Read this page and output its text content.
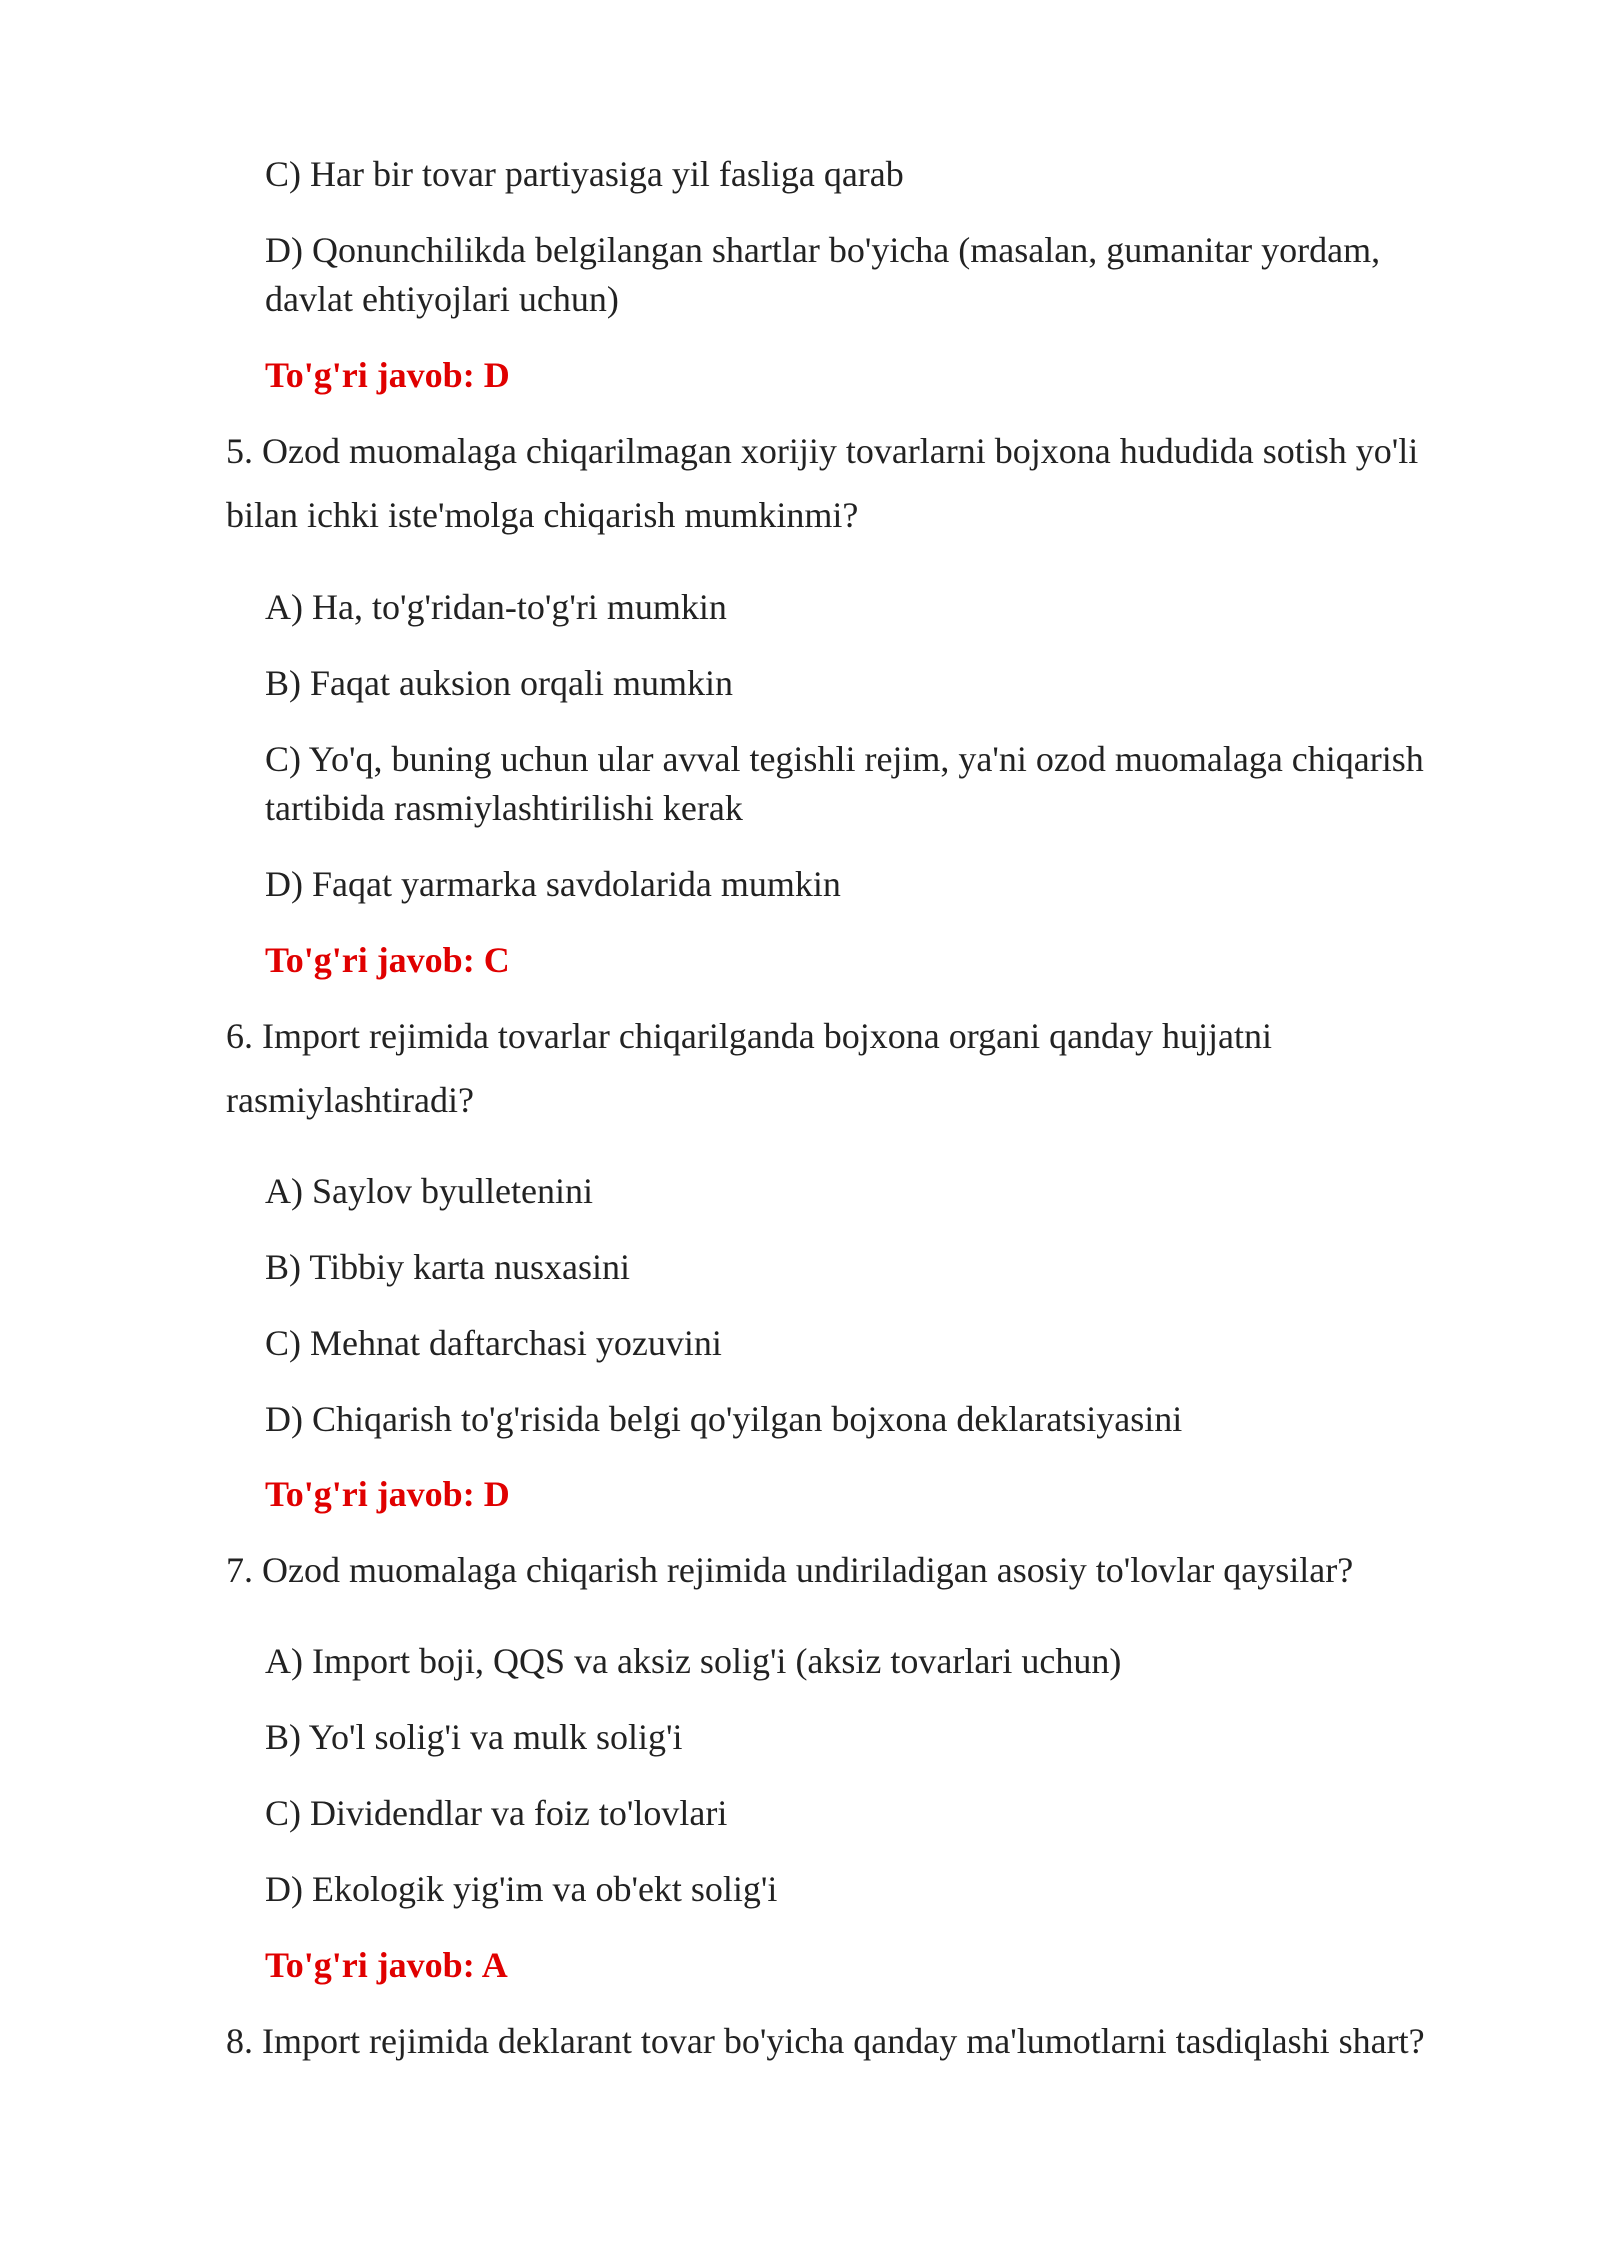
C) Har bir tovar partiyasiga yil fasliga qarab
D) Qonunchilikda belgilangan shartlar bo'yicha (masalan, gumanitar yordam,
davlat ehtiyojlari uchun)
To'g'ri javob: D
5. Ozod muomalaga chiqarilmagan xorijiy tovarlarni bojxona hududida sotish yo'li
bilan ichki iste'molga chiqarish mumkinmi?
A) Ha, to'g'ridan-to'g'ri mumkin
B) Faqat auksion orqali mumkin
C) Yo'q, buning uchun ular avval tegishli rejim, ya'ni ozod muomalaga chiqarish
tartibida rasmiylashtirilishi kerak
D) Faqat yarmarka savdolarida mumkin
To'g'ri javob: C
6. Import rejimida tovarlar chiqarilganda bojxona organi qanday hujjatni
rasmiylashtiradi?
A) Saylov byulletenini
B) Tibbiy karta nusxasini
C) Mehnat daftarchasi yozuvini
D) Chiqarish to'g'risida belgi qo'yilgan bojxona deklaratsiyasini
To'g'ri javob: D
7. Ozod muomalaga chiqarish rejimida undiriladigan asosiy to'lovlar qaysilar?
A) Import boji, QQS va aksiz solig'i (aksiz tovarlari uchun)
B) Yo'l solig'i va mulk solig'i
C) Dividendlar va foiz to'lovlari
D) Ekologik yig'im va ob'ekt solig'i
To'g'ri javob: A
8. Import rejimida deklarant tovar bo'yicha qanday ma'lumotlarni tasdiqlashi shart?
